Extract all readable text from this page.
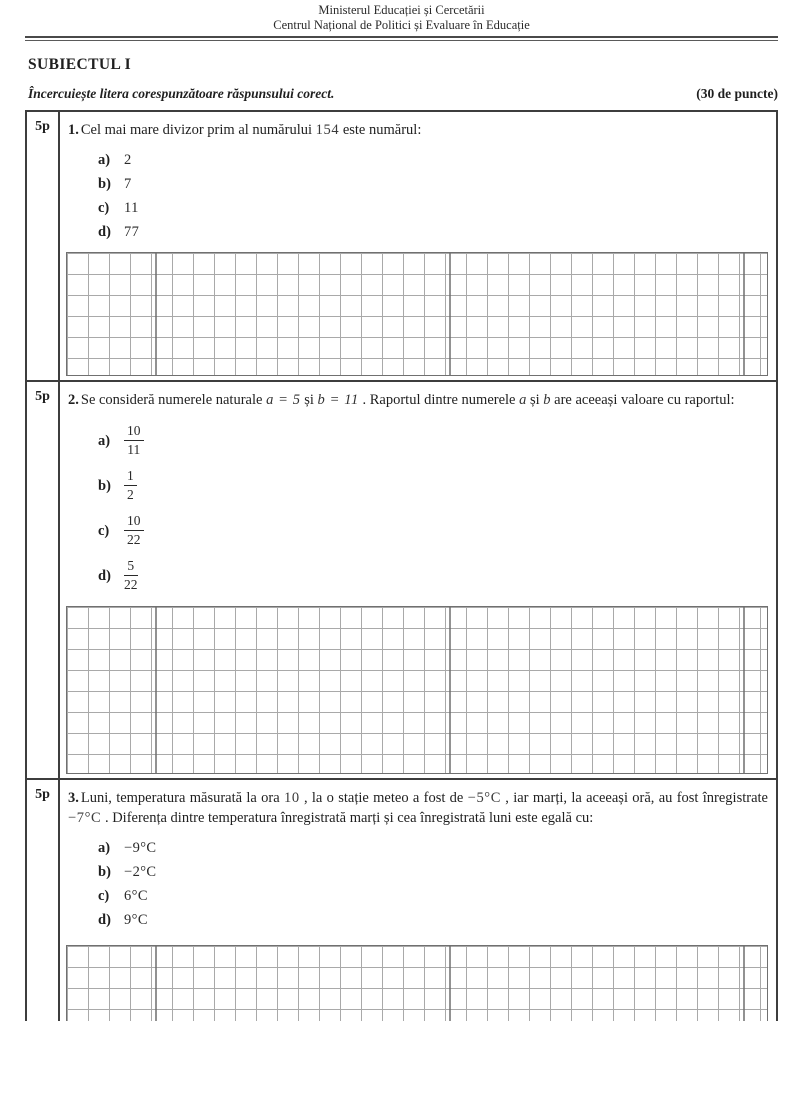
Ministerul Educației și Cercetării
Centrul Național de Politici și Evaluare în Educație
SUBIECTUL I
Încercuiește litera corespunzătoare răspunsului corect.	(30 de puncte)
5p	1. Cel mai mare divizor prim al numărului 154 este numărul:
a) 2
b) 7
c)	11
d) 77
5p	2. Se consideră numerele naturale a = 5 și b = 11 . Raportul dintre numerele a și b are aceeași valoare cu raportul:
a)	$\frac{10}{11}$
$b) \frac{1}{2}$
c)	$\frac{10}{22}$
$d) \frac{5}{22}$
5p	3. Luni, temperatura măsurată la ora 10 , la o stație meteo a fost de −5°C , iar marți, la aceeași oră, au fost înregistrate −7°C . Diferența dintre temperatura înregistrată marți și cea înregistrată luni este egală cu:
a) −9°C
b) −2°C
c)	6°C
d) 9°C
